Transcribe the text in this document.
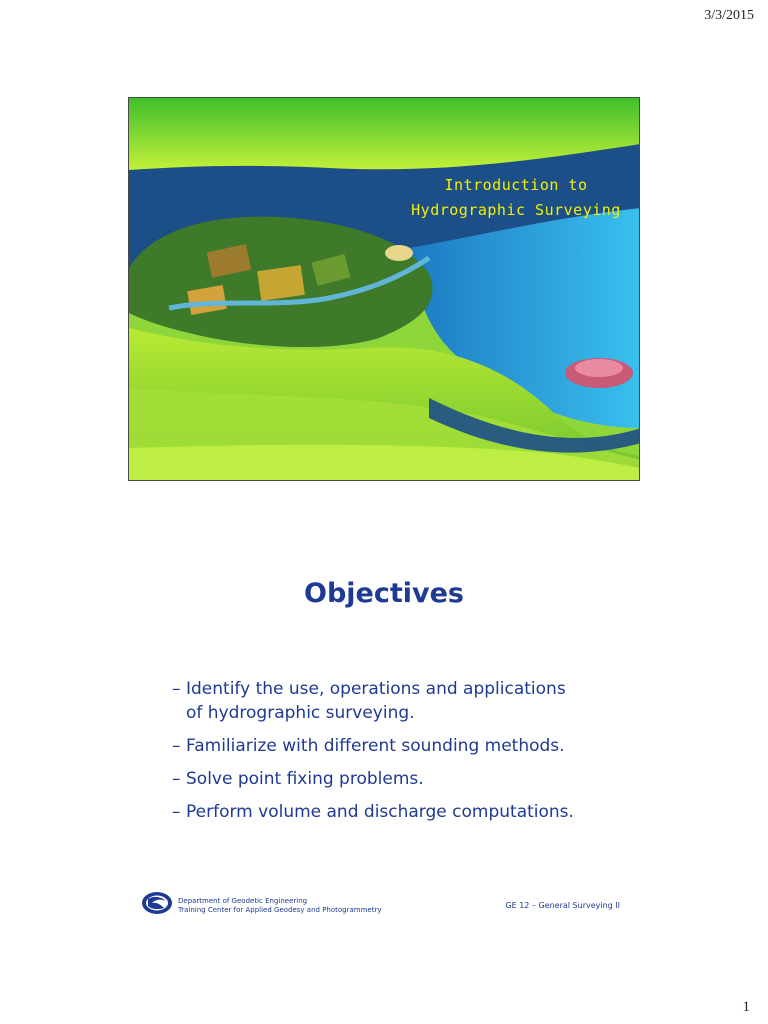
3/3/2015
Introduction to
Hydrographic Surveying
Objectives
– Identify the use, operations and applications
of hydrographic surveying.
– Familiarize with different sounding methods.
– Solve point fixing problems.
– Perform volume and discharge computations.
Department of Geodetic Engineering
Training Center for Applied Geodesy and Photogrammetry	GE 12 – General Surveying II
1
